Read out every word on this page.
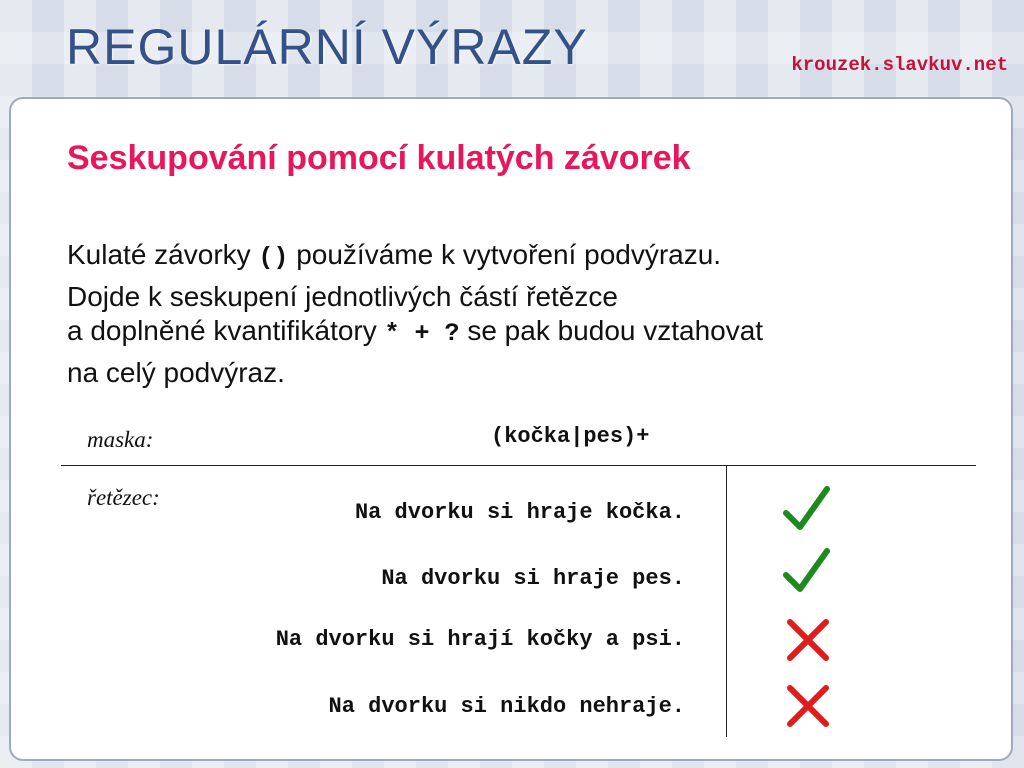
REGULÁRNÍ VÝRAZY	krouzek.slavkuv.net
Seskupování pomocí kulatých závorek
Kulaté závorky () používáme k vytvoření podvýrazu.
Dojde k seskupení jednotlivých částí řetězce
a doplněné kvantifikátory * + ? se pak budou vztahovat
na celý podvýraz.
maska:	(kočka|pes)+
řetězec:
Na dvorku si hraje kočka.
Na dvorku si hraje pes.
Na dvorku si hrají kočky a psi.
Na dvorku si nikdo nehraje.
